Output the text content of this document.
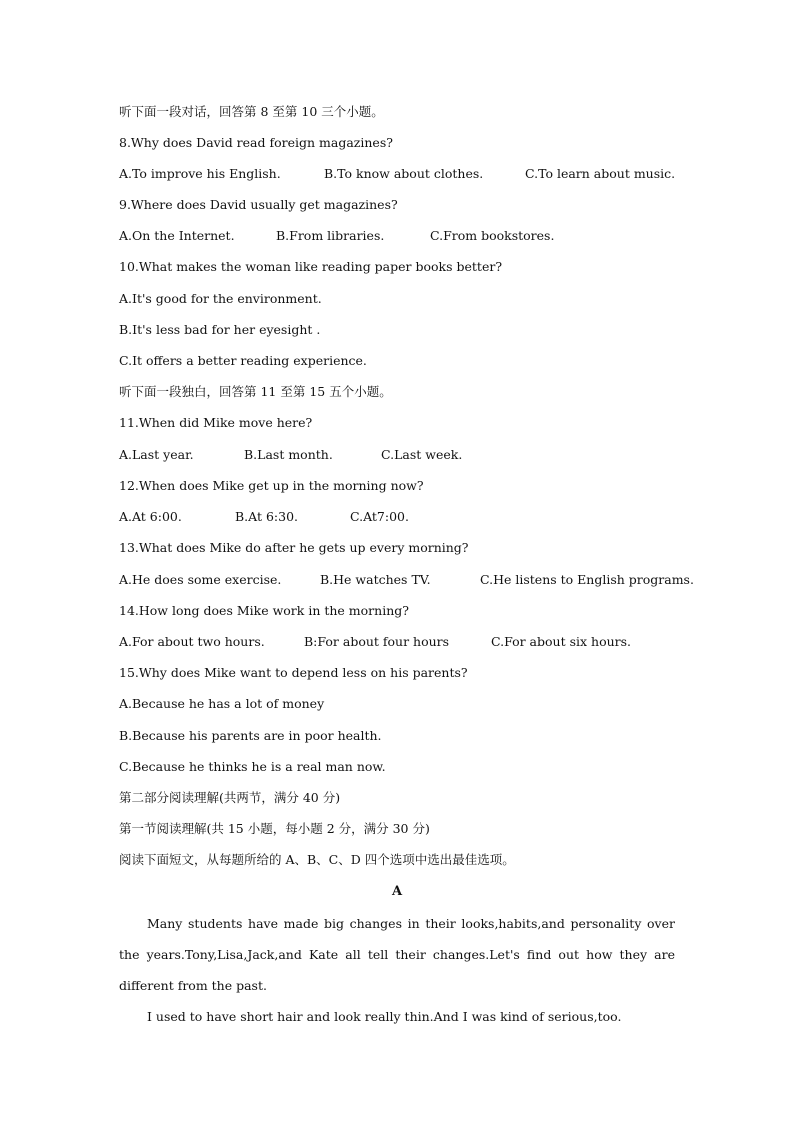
听下面一段对话，回答第 8 至第 10 三个小题。
8.Why does David read foreign magazines?
A.To improve his English.	B.To know about clothes.	C.To learn about music.
9.Where does David usually get magazines?
A.On the Internet.	B.From libraries.	C.From bookstores.
10.What makes the woman like reading paper books better?
A.It's good for the environment.
B.It's less bad for her eyesight .
C.It offers a better reading experience.
听下面一段独白，回答第 11 至第 15 五个小题。
11.When did Mike move here?
A.Last year.	B.Last month.	C.Last week.
12.When does Mike get up in the morning now?
A.At 6:00.	B.At 6:30.	C.At7:00.
13.What does Mike do after he gets up every morning?
A.He does some exercise.	B.He watches TV.	C.He listens to English programs.
14.How long does Mike work in the morning?
A.For about two hours.	B:For about four hours	C.For about six hours.
15.Why does Mike want to depend less on his parents?
A.Because he has a lot of money
B.Because his parents are in poor health.
C.Because he thinks he is a real man now.
第二部分阅读理解(共两节，满分 40 分)
第一节阅读理解(共 15 小题，每小题 2 分，满分 30 分)
阅读下面短文，从每题所给的 A、B、C、D 四个选项中选出最佳选项。
A
Many students have made big changes in their looks,habits,and personality over the years.Tony,Lisa,Jack,and Kate all tell their changes.Let's find out how they are different from the past.
I used to have short hair and look really thin.And I was kind of serious,too.
